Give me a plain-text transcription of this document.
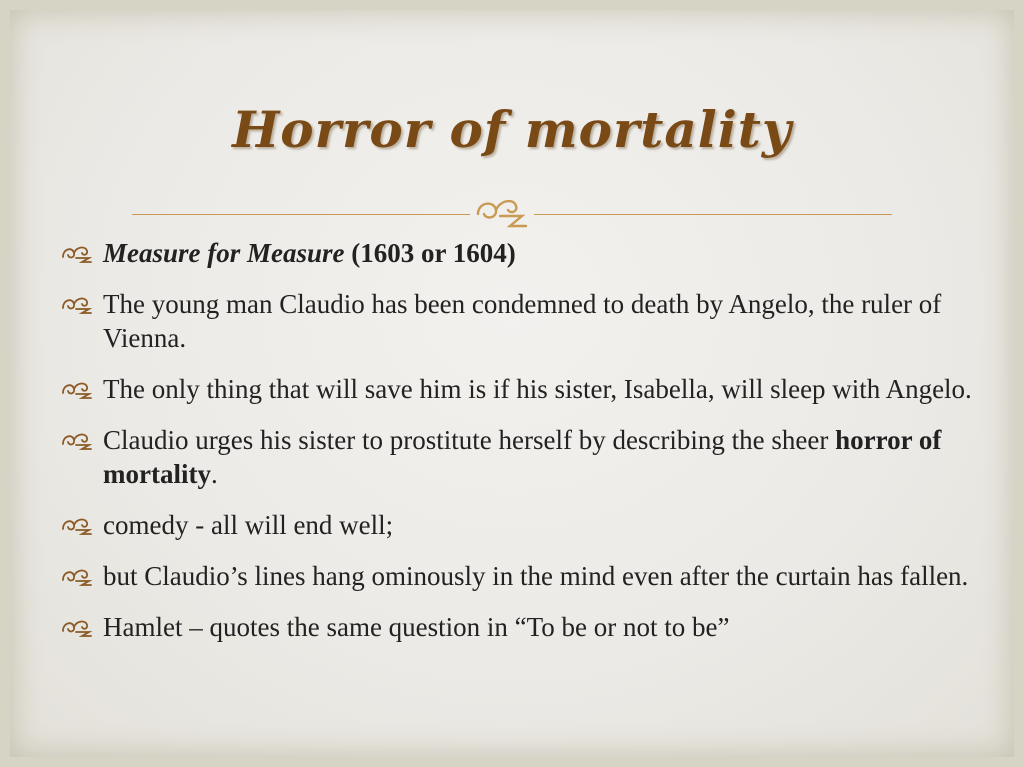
Horror of mortality
Measure for Measure (1603 or 1604)
The young man Claudio has been condemned to death by Angelo, the ruler of Vienna.
The only thing that will save him is if his sister, Isabella, will sleep with Angelo.
Claudio urges his sister to prostitute herself by describing the sheer horror of mortality.
comedy - all will end well;
but Claudio’s lines hang ominously in the mind even after the curtain has fallen.
Hamlet – quotes the same question in “To be or not to be”
